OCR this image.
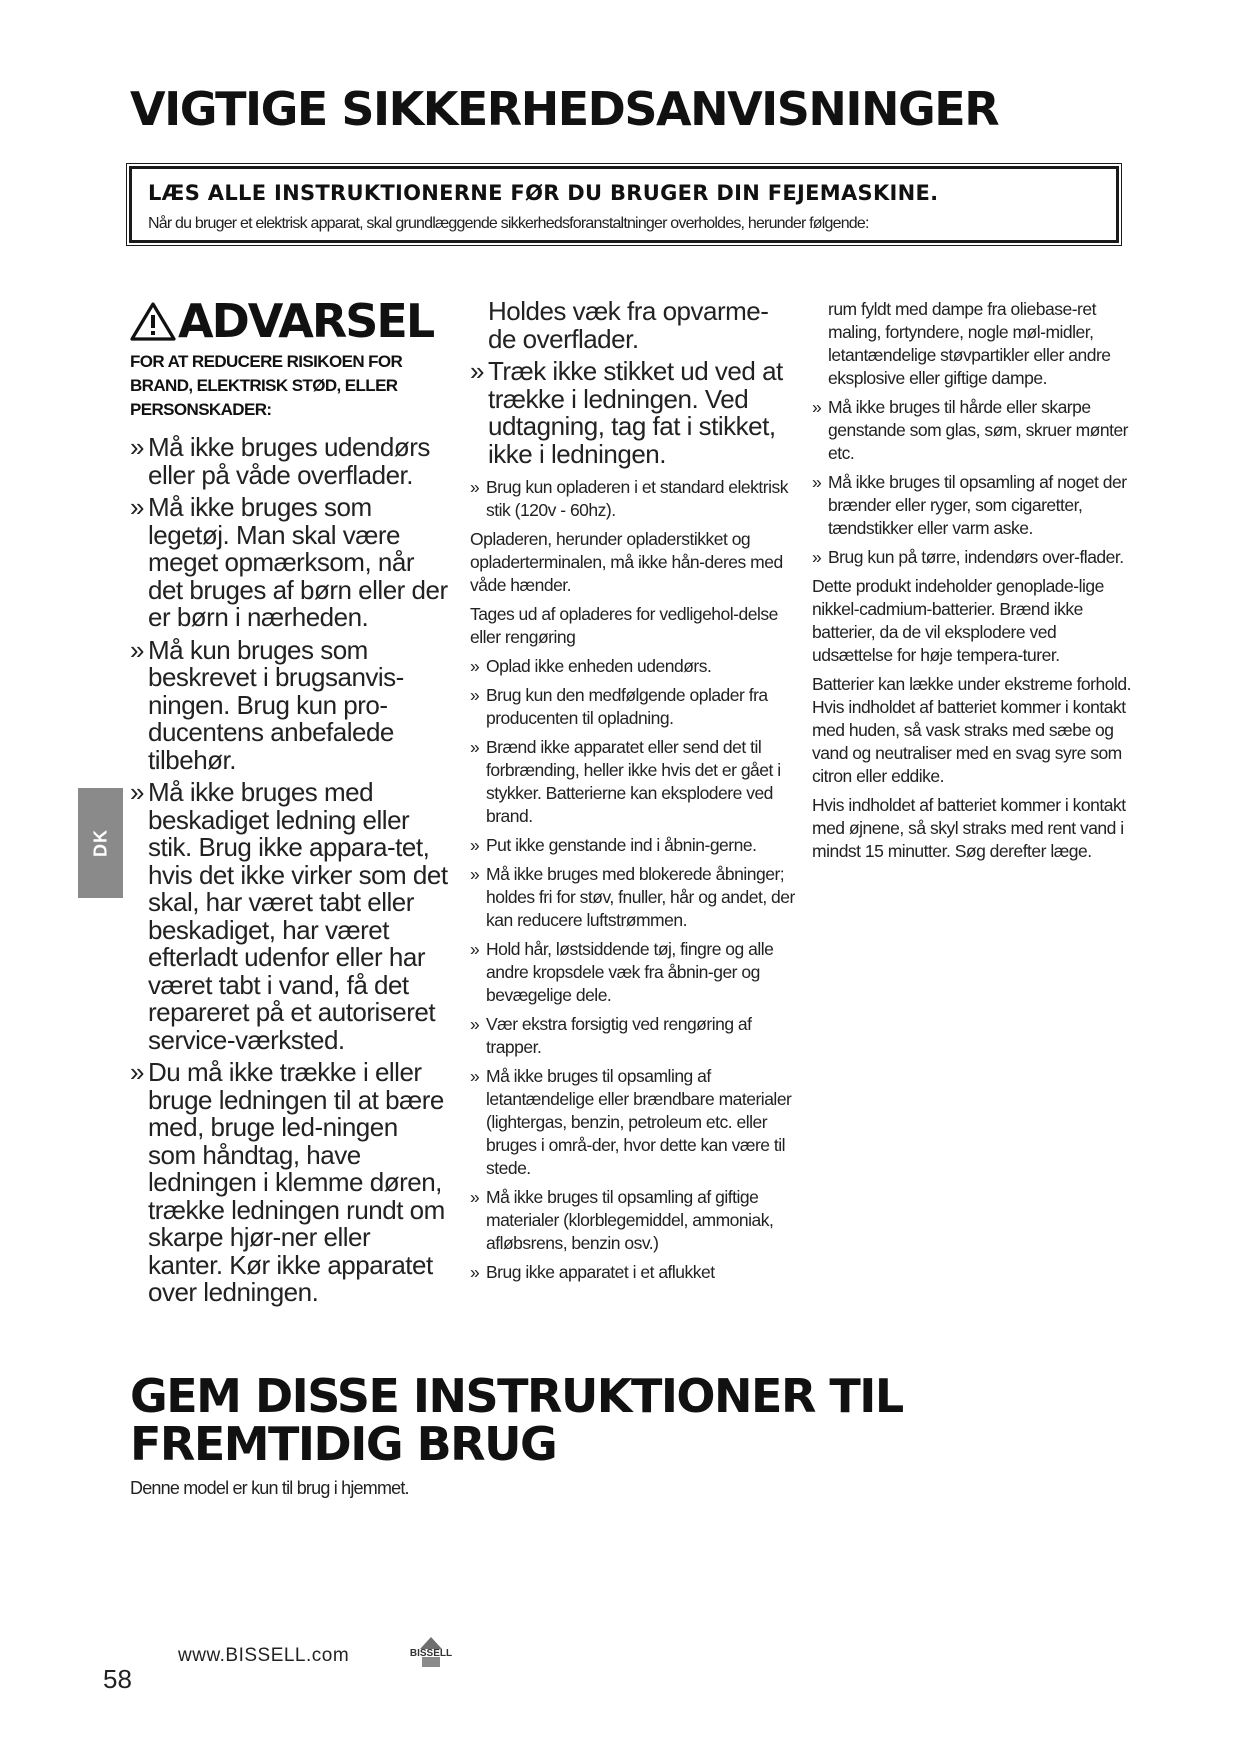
VIGTIGE SIKKERHEDSANVISNINGER
LÆS ALLE INSTRUKTIONERNE FØR DU BRUGER DIN FEJEMASKINE.
Når du bruger et elektrisk apparat, skal grundlæggende sikkerhedsforanstaltninger overholdes, herunder følgende:
ADVARSEL
FOR AT REDUCERE RISIKOEN FOR BRAND, ELEKTRISK STØD, ELLER PERSONSKADER:
» Må ikke bruges udendørs eller på våde overflader.
» Må ikke bruges som legetøj. Man skal være meget opmærksom, når det bruges af børn eller der er børn i nærheden.
» Må kun bruges som beskrevet i brugsanvis-ningen. Brug kun pro-ducentens anbefalede tilbehør.
» Må ikke bruges med beskadiget ledning eller stik. Brug ikke appara-tet, hvis det ikke virker som det skal, har været tabt eller beskadiget, har været efterladt udenfor eller har været tabt i vand, få det repareret på et autoriseret service-værksted.
» Du må ikke trække i eller bruge ledningen til at bære med, bruge led-ningen som håndtag, have ledningen i klemme døren, trække ledningen rundt om skarpe hjør-ner eller kanter. Kør ikke apparatet over ledningen.

Holdes væk fra opvarme-de overflader.

» Træk ikke stikket ud ved at trække i ledningen. Ved udtagning, tag fat i stikket, ikke i ledningen.
» Brug kun opladeren i et standard elektrisk stik (120v - 60hz).

Opladeren, herunder opladerstikket og opladerterminalen, må ikke hån-deres med våde hænder.

Tages ud af opladeres for vedligehol-delse eller rengøring

» Oplad ikke enheden udendørs.
» Brug kun den medfølgende oplader fra producenten til opladning.
» Brænd ikke apparatet eller send det til forbrænding, heller ikke hvis det er gået i stykker. Batterierne kan eksplodere ved brand.
» Put ikke genstande ind i åbnin-gerne.
» Må ikke bruges med blokerede åbninger; holdes fri for støv, fnuller, hår og andet, der kan reducere luftstrømmen.
» Hold hår, løstsiddende tøj, fingre og alle andre kropsdele væk fra åbnin-ger og bevægelige dele.
» Vær ekstra forsigtig ved rengøring af trapper.
» Må ikke bruges til opsamling af letantændelige eller brændbare materialer (lightergas, benzin, petroleum etc. eller bruges i områ-der, hvor dette kan være til stede.
» Må ikke bruges til opsamling af giftige materialer (klorblegemiddel, ammoniak, afløbsrens, benzin osv.)
» Brug ikke apparatet i et aflukket

rum fyldt med dampe fra oliebase-ret maling, fortyndere, nogle møl-midler, letantændelige støvpartikler eller andre eksplosive eller giftige dampe.

» Må ikke bruges til hårde eller skarpe genstande som glas, søm, skruer mønter etc.
» Må ikke bruges til opsamling af noget der brænder eller ryger, som cigaretter, tændstikker eller varm aske.
» Brug kun på tørre, indendørs over-flader.

Dette produkt indeholder genoplade-lige nikkel-cadmium-batterier. Brænd ikke batterier, da de vil eksplodere ved udsættelse for høje tempera-turer.

Batterier kan lække under ekstreme forhold. Hvis indholdet af batteriet kommer i kontakt med huden, så vask straks med sæbe og vand og neutraliser med en svag syre som citron eller eddike.

Hvis indholdet af batteriet kommer i kontakt med øjnene, så skyl straks med rent vand i mindst 15 minutter. Søg derefter læge.

GEM DISSE INSTRUKTIONER TIL FREMTIDIG BRUG
Denne model er kun til brug i hjemmet.
DK
58
www.BISSELL.com	BISSELL
